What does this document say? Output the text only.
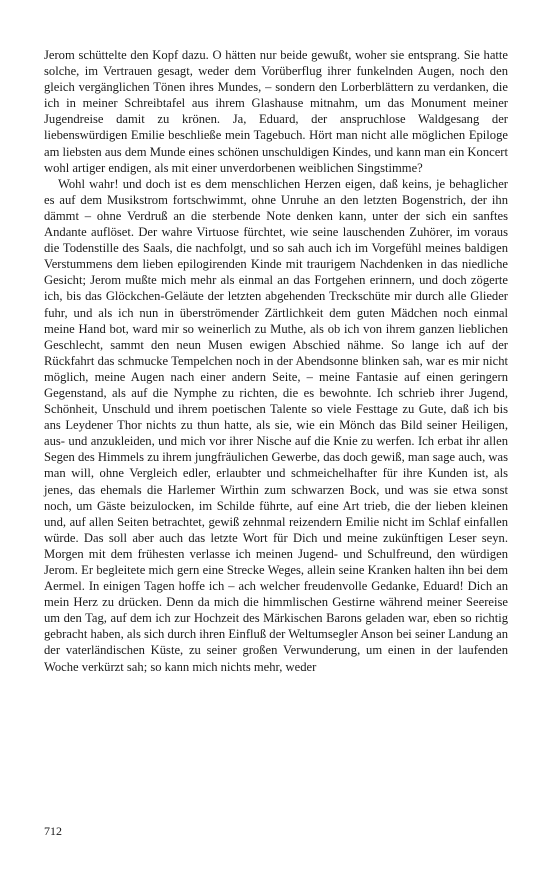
Jerom schüttelte den Kopf dazu. O hätten nur beide gewußt, woher sie entsprang. Sie hatte solche, im Vertrauen gesagt, weder dem Vorüberflug ihrer funkelnden Augen, noch den gleich vergänglichen Tönen ihres Mundes, – sondern den Lorberblättern zu verdanken, die ich in meiner Schreibtafel aus ihrem Glashause mitnahm, um das Monument meiner Jugendreise damit zu krönen. Ja, Eduard, der anspruchlose Waldgesang der liebenswürdigen Emilie beschließe mein Tagebuch. Hört man nicht alle möglichen Epiloge am liebsten aus dem Munde eines schönen unschuldigen Kindes, und kann man ein Koncert wohl artiger endigen, als mit einer unverdorbenen weiblichen Singstimme?

Wohl wahr! und doch ist es dem menschlichen Herzen eigen, daß keins, je behaglicher es auf dem Musikstrom fortschwimmt, ohne Unruhe an den letzten Bogenstrich, der ihn dämmt – ohne Verdruß an die sterbende Note denken kann, unter der sich ein sanftes Andante auflöset. Der wahre Virtuose fürchtet, wie seine lauschenden Zuhörer, im voraus die Todenstille des Saals, die nachfolgt, und so sah auch ich im Vorgefühl meines baldigen Verstummens dem lieben epilogirenden Kinde mit traurigem Nachdenken in das niedliche Gesicht; Jerom mußte mich mehr als einmal an das Fortgehen erinnern, und doch zögerte ich, bis das Glöckchen-Geläute der letzten abgehenden Treckschüte mir durch alle Glieder fuhr, und als ich nun in überströmender Zärtlichkeit dem guten Mädchen noch einmal meine Hand bot, ward mir so weinerlich zu Muthe, als ob ich von ihrem ganzen lieblichen Geschlecht, sammt den neun Musen ewigen Abschied nähme. So lange ich auf der Rückfahrt das schmucke Tempelchen noch in der Abendsonne blinken sah, war es mir nicht möglich, meine Augen nach einer andern Seite, – meine Fantasie auf einen geringern Gegenstand, als auf die Nymphe zu richten, die es bewohnte. Ich schrieb ihrer Jugend, Schönheit, Unschuld und ihrem poetischen Talente so viele Festtage zu Gute, daß ich bis ans Leydener Thor nichts zu thun hatte, als sie, wie ein Mönch das Bild seiner Heiligen, aus- und anzukleiden, und mich vor ihrer Nische auf die Knie zu werfen. Ich erbat ihr allen Segen des Himmels zu ihrem jungfräulichen Gewerbe, das doch gewiß, man sage auch, was man will, ohne Vergleich edler, erlaubter und schmeichelhafter für ihre Kunden ist, als jenes, das ehemals die Harlemer Wirthin zum schwarzen Bock, und was sie etwa sonst noch, um Gäste beizulocken, im Schilde führte, auf eine Art trieb, die der lieben kleinen und, auf allen Seiten betrachtet, gewiß zehnmal reizendern Emilie nicht im Schlaf einfallen würde. Das soll aber auch das letzte Wort für Dich und meine zukünftigen Leser seyn. Morgen mit dem frühesten verlasse ich meinen Jugend- und Schulfreund, den würdigen Jerom. Er begleitete mich gern eine Strecke Weges, allein seine Kranken halten ihn bei dem Aermel. In einigen Tagen hoffe ich – ach welcher freudenvolle Gedanke, Eduard! Dich an mein Herz zu drücken. Denn da mich die himmlischen Gestirne während meiner Seereise um den Tag, auf dem ich zur Hochzeit des Märkischen Barons geladen war, eben so richtig gebracht haben, als sich durch ihren Einfluß der Weltumsegler Anson bei seiner Landung an der vaterländischen Küste, zu seiner großen Verwunderung, um einen in der laufenden Woche verkürzt sah; so kann mich nichts mehr, weder

712
